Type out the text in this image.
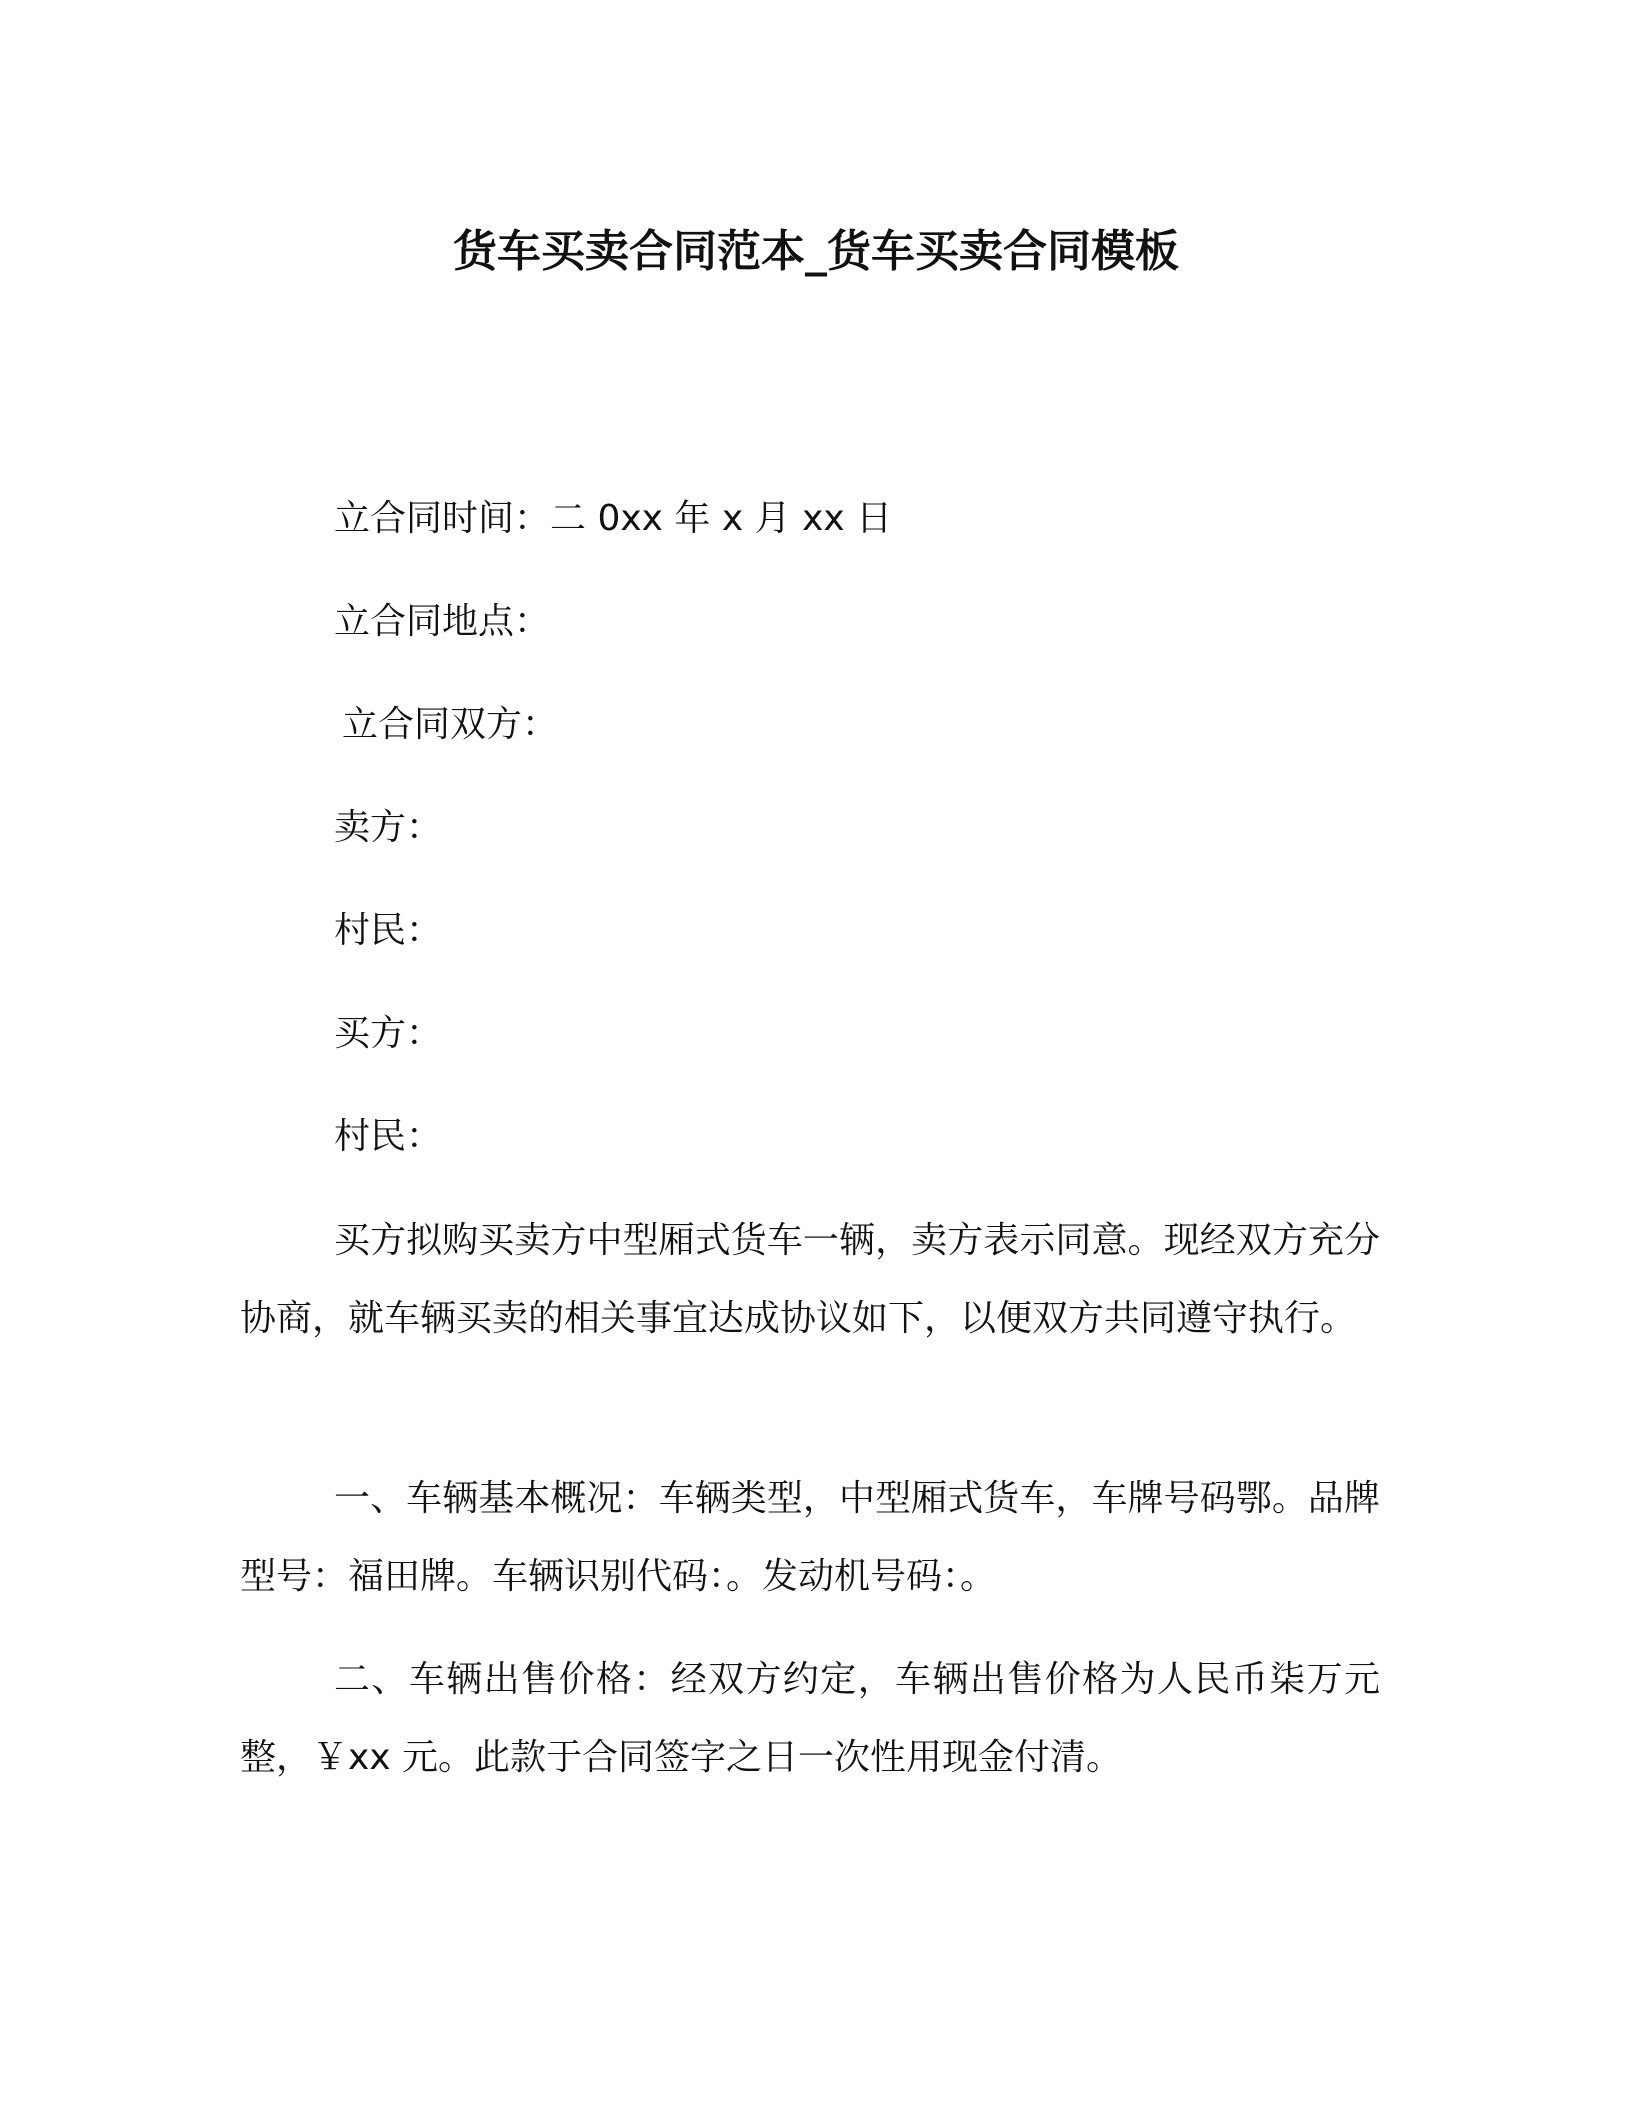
货车买卖合同范本_货车买卖合同模板

立合同时间：二 0xx 年 x 月 xx 日

立合同地点：

立合同双方：

卖方：

村民：

买方：

村民：

买方拟购买卖方中型厢式货车一辆，卖方表示同意。现经双方充分协商，就车辆买卖的相关事宜达成协议如下，以便双方共同遵守执行。

一、车辆基本概况：车辆类型，中型厢式货车，车牌号码鄂。品牌型号：福田牌。车辆识别代码：。发动机号码：。

二、车辆出售价格：经双方约定，车辆出售价格为人民币柒万元整，￥xx 元。此款于合同签字之日一次性用现金付清。
